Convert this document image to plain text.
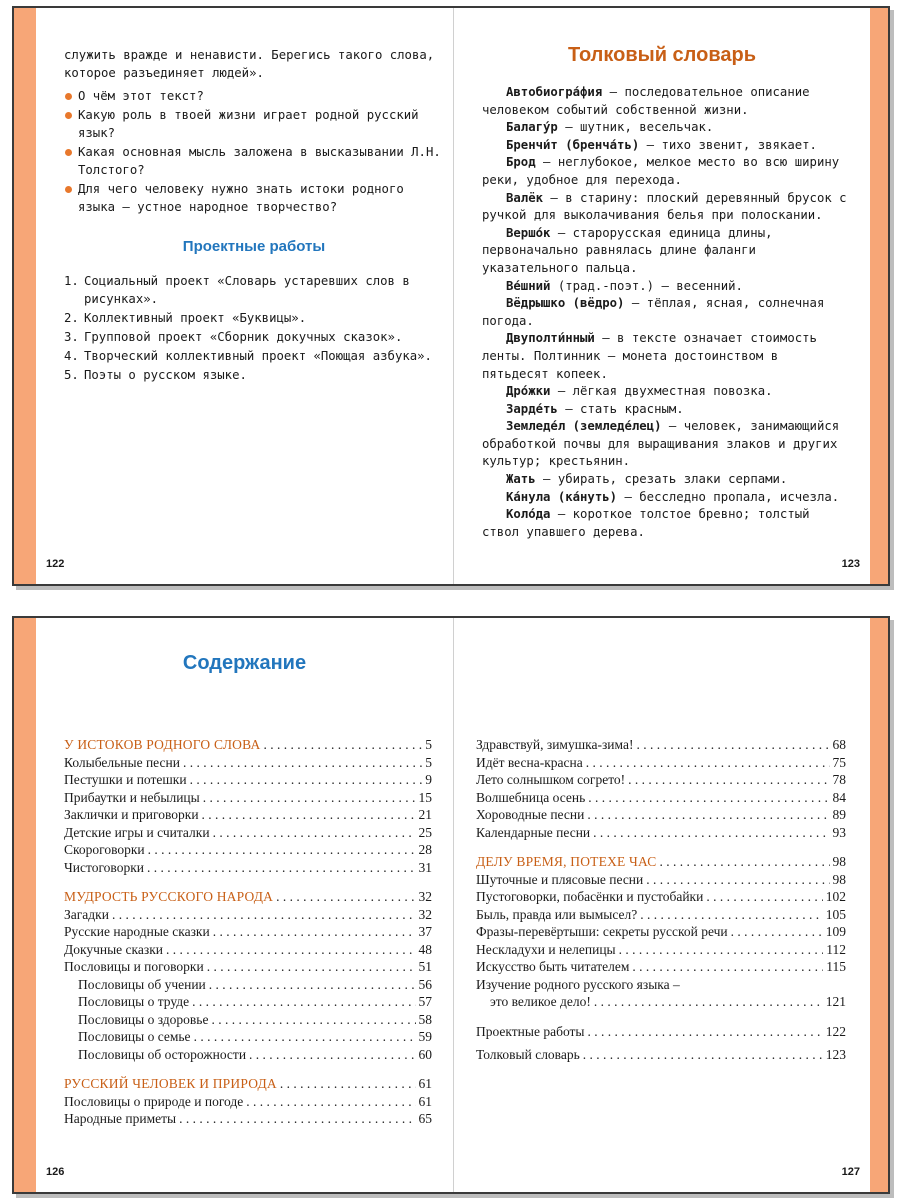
служить вражде и ненависти. Берегись такого слова, которое разъединяет людей».

О чём этот текст?
Какую роль в твоей жизни играет родной русский язык?
Какая основная мысль заложена в высказывании Л.Н. Толстого?
Для чего человеку нужно знать истоки родного языка – устное народное творчество?
Проектные работы
1. Социальный проект «Словарь устаревших слов в рисунках».
2. Коллективный проект «Буквицы».
3. Групповой проект «Сборник докучных сказок».
4. Творческий коллективный проект «Поющая азбука».
5. Поэты о русском языке.
122
Толковый словарь

Автобиогра́фия – последовательное описание человеком событий собственной жизни.

Балагу́р – шутник, весельчак.

Бренчи́т (бренча́ть) – тихо звенит, звякает.

Брод – неглубокое, мелкое место во всю ширину реки, удобное для перехода.

Валёк – в старину: плоский деревянный брусок с ручкой для выколачивания белья при полоскании.

Вершо́к – старорусская единица длины, первоначально равнялась длине фаланги указательного пальца.

Ве́шний (трад.-поэт.) – весенний.

Вёдрышко (вёдро) – тёплая, ясная, солнечная погода.

Двуполти́нный – в тексте означает стоимость ленты. Полтинник – монета достоинством в пятьдесят копеек.

Дро́жки – лёгкая двухместная повозка.

Зарде́ть – стать красным.

Земледе́л (земледе́лец) – человек, занимающийся обработкой почвы для выращивания злаков и других культур; крестьянин.

Жать – убирать, срезать злаки серпами.

Ка́нула (ка́нуть) – бесследно пропала, исчезла.

Коло́да – короткое толстое бревно; толстый ствол упавшего дерева.

123
Содержание
У ИСТОКОВ РОДНОГО СЛОВА . . .	5
Колыбельные песни . . .	5
Пестушки и потешки . . .	9
Прибаутки и небылицы . . .	15
Заклички и приговорки . . .	21
Детские игры и считалки . . .	25
Скороговорки . . .	28
Чистоговорки . . .	31
МУДРОСТЬ РУССКОГО НАРОДА . . .	32
Загадки . . .	32
Русские народные сказки . . .	37
Докучные сказки . . .	48
Пословицы и поговорки . . .	51
Пословицы об учении . . .	56
Пословицы о труде . . .	57
Пословицы о здоровье . . .	58
Пословицы о семье . . .	59
Пословицы об осторожности . . .	60
РУССКИЙ ЧЕЛОВЕК И ПРИРОДА . . .	61
Пословицы о природе и погоде . . .	61
Народные приметы . . .	65
126
Здравствуй, зимушка-зима! . . .	68
Идёт весна-красна . . .	75
Лето солнышком согрето! . . .	78
Волшебница осень . . .	84
Хороводные песни . . .	89
Календарные песни . . .	93
ДЕЛУ ВРЕМЯ, ПОТЕХЕ ЧАС . . .	98
Шуточные и плясовые песни . . .	98
Пустоговорки, побасёнки и пустобайки . . .	102
Быль, правда или вымысел? . . .	105
Фразы-перевёртыши: секреты русской речи . . .	109
Нескладухи и нелепицы . . .	112
Искусство быть читателем . . .	115
Изучение родного русского языка –
это великое дело! . . .	121
Проектные работы . . .	122
Толковый словарь . . .	123
127
